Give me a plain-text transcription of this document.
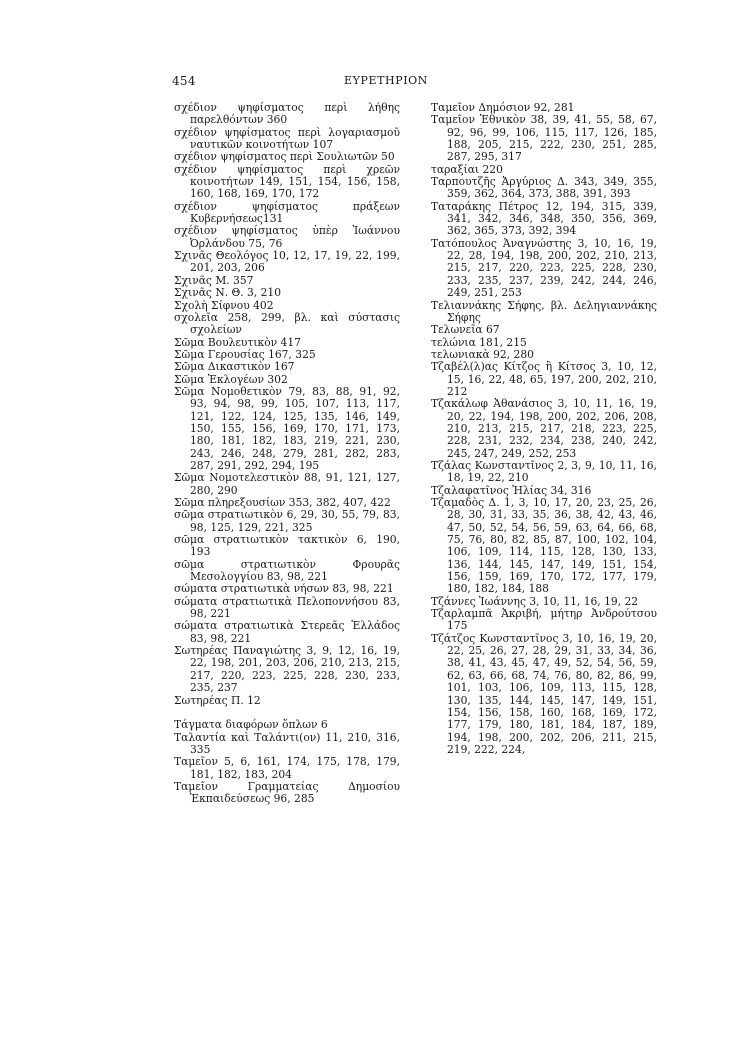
454	ΕΥΡΕΤΗΡΙΟΝ
σχέδιον ψηφίσματος περὶ λήθης παρελθόντων 360
σχέδιον ψηφίσματος περὶ λογαριασμοῦ ναυτικῶν κοινοτήτων 107
σχέδιον ψηφίσματος περὶ Σουλιωτῶν 50
σχέδιον ψηφίσματος περὶ χρεῶν κοινοτήτων 149, 151, 154, 156, 158, 160, 168, 169, 170, 172
σχέδιον ψηφίσματος πράξεων Κυβερνήσεως131
σχέδιον ψηφίσματος ὑπὲρ Ἰωάννου Ὀρλάνδου 75, 76
Σχινᾶς Θεολόγος 10, 12, 17, 19, 22, 199, 201, 203, 206
Σχινᾶς Μ. 357
Σχινᾶς Ν. Θ. 3, 210
Σχολὴ Σίφνου 402
σχολεῖα 258, 299, βλ. καὶ σύστασις σχολείων
Σῶμα Βουλευτικὸν 417
Σῶμα Γερουσίας 167, 325
Σῶμα Δικαστικὸν 167
Σῶμα Ἐκλογέων 302
Σῶμα Νομοθετικὸν 79, 83, 88, 91, 92, 93, 94, 98, 99, 105, 107, 113, 117, 121, 122, 124, 125, 135, 146, 149, 150, 155, 156, 169, 170, 171, 173, 180, 181, 182, 183, 219, 221, 230, 243, 246, 248, 279, 281, 282, 283, 287, 291, 292, 294, 195
Σῶμα Νομοτελεστικὸν 88, 91, 121, 127, 280, 290
Σῶμα πληρεξουσίων 353, 382, 407, 422
σῶμα στρατιωτικὸν 6, 29, 30, 55, 79, 83, 98, 125, 129, 221, 325
σῶμα στρατιωτικὸν τακτικὸν 6, 190, 193
σῶμα στρατιωτικὸν Φρουρᾶς Μεσολογγίου 83, 98, 221
σώματα στρατιωτικὰ νήσων 83, 98, 221
σώματα στρατιωτικὰ Πελοποννήσου 83, 98, 221
σώματα στρατιωτικὰ Στερεᾶς Ἑλλάδος 83, 98, 221
Σωτηρέας Παναγιώτης 3, 9, 12, 16, 19, 22, 198, 201, 203, 206, 210, 213, 215, 217, 220, 223, 225, 228, 230, 233, 235, 237
Σωτηρέας Π. 12
Τάγματα διαφόρων ὅπλων 6
Ταλαντία καὶ Ταλάντι(ον) 11, 210, 316, 335
Ταμεῖον 5, 6, 161, 174, 175, 178, 179, 181, 182, 183, 204
Ταμεῖον Γραμματείας Δημοσίου Ἐκπαιδεύσεως 96, 285
Ταμεῖον Δημόσιον 92, 281
Ταμεῖον Ἐθνικὸν 38, 39, 41, 55, 58, 67, 92, 96, 99, 106, 115, 117, 126, 185, 188, 205, 215, 222, 230, 251, 285, 287, 295, 317
ταραξίαι 220
Ταρπουτζῆς Ἀργύριος Δ. 343, 349, 355, 359, 362, 364, 373, 388, 391, 393
Ταταράκης Πέτρος 12, 194, 315, 339, 341, 342, 346, 348, 350, 356, 369, 362, 365, 373, 392, 394
Τατόπουλος Ἀναγνώστης 3, 10, 16, 19, 22, 28, 194, 198, 200, 202, 210, 213, 215, 217, 220, 223, 225, 228, 230, 233, 235, 237, 239, 242, 244, 246, 249, 251, 253
Τελιαννάκης Σήφης, βλ. Δεληγιαννάκης Σήφης
Τελωνεῖα 67
τελώνια 181, 215
τελωνιακὰ 92, 280
Τζαβέλ(λ)ας Κίτζος ἢ Κίτσος 3, 10, 12, 15, 16, 22, 48, 65, 197, 200, 202, 210, 212
Τζακάλωφ Ἀθανάσιος 3, 10, 11, 16, 19, 20, 22, 194, 198, 200, 202, 206, 208, 210, 213, 215, 217, 218, 223, 225, 228, 231, 232, 234, 238, 240, 242, 245, 247, 249, 252, 253
Τζάλας Κωνσταντῖνος 2, 3, 9, 10, 11, 16, 18, 19, 22, 210
Τζαλαφατῖνος Ἠλίας 34, 316
Τζαμαδὸς Δ. 1, 3, 10, 17, 20, 23, 25, 26, 28, 30, 31, 33, 35, 36, 38, 42, 43, 46, 47, 50, 52, 54, 56, 59, 63, 64, 66, 68, 75, 76, 80, 82, 85, 87, 100, 102, 104, 106, 109, 114, 115, 128, 130, 133, 136, 144, 145, 147, 149, 151, 154, 156, 159, 169, 170, 172, 177, 179, 180, 182, 184, 188
Τζάννες Ἰωάννης 3, 10, 11, 16, 19, 22
Τζαρλαμπᾶ Ἀκριβή, μήτηρ Ἀνδρούτσου 175
Τζάτζος Κωνσταντῖνος 3, 10, 16, 19, 20, 22, 25, 26, 27, 28, 29, 31, 33, 34, 36, 38, 41, 43, 45, 47, 49, 52, 54, 56, 59, 62, 63, 66, 68, 74, 76, 80, 82, 86, 99, 101, 103, 106, 109, 113, 115, 128, 130, 135, 144, 145, 147, 149, 151, 154, 156, 158, 160, 168, 169, 172, 177, 179, 180, 181, 184, 187, 189, 194, 198, 200, 202, 206, 211, 215, 219, 222, 224,
